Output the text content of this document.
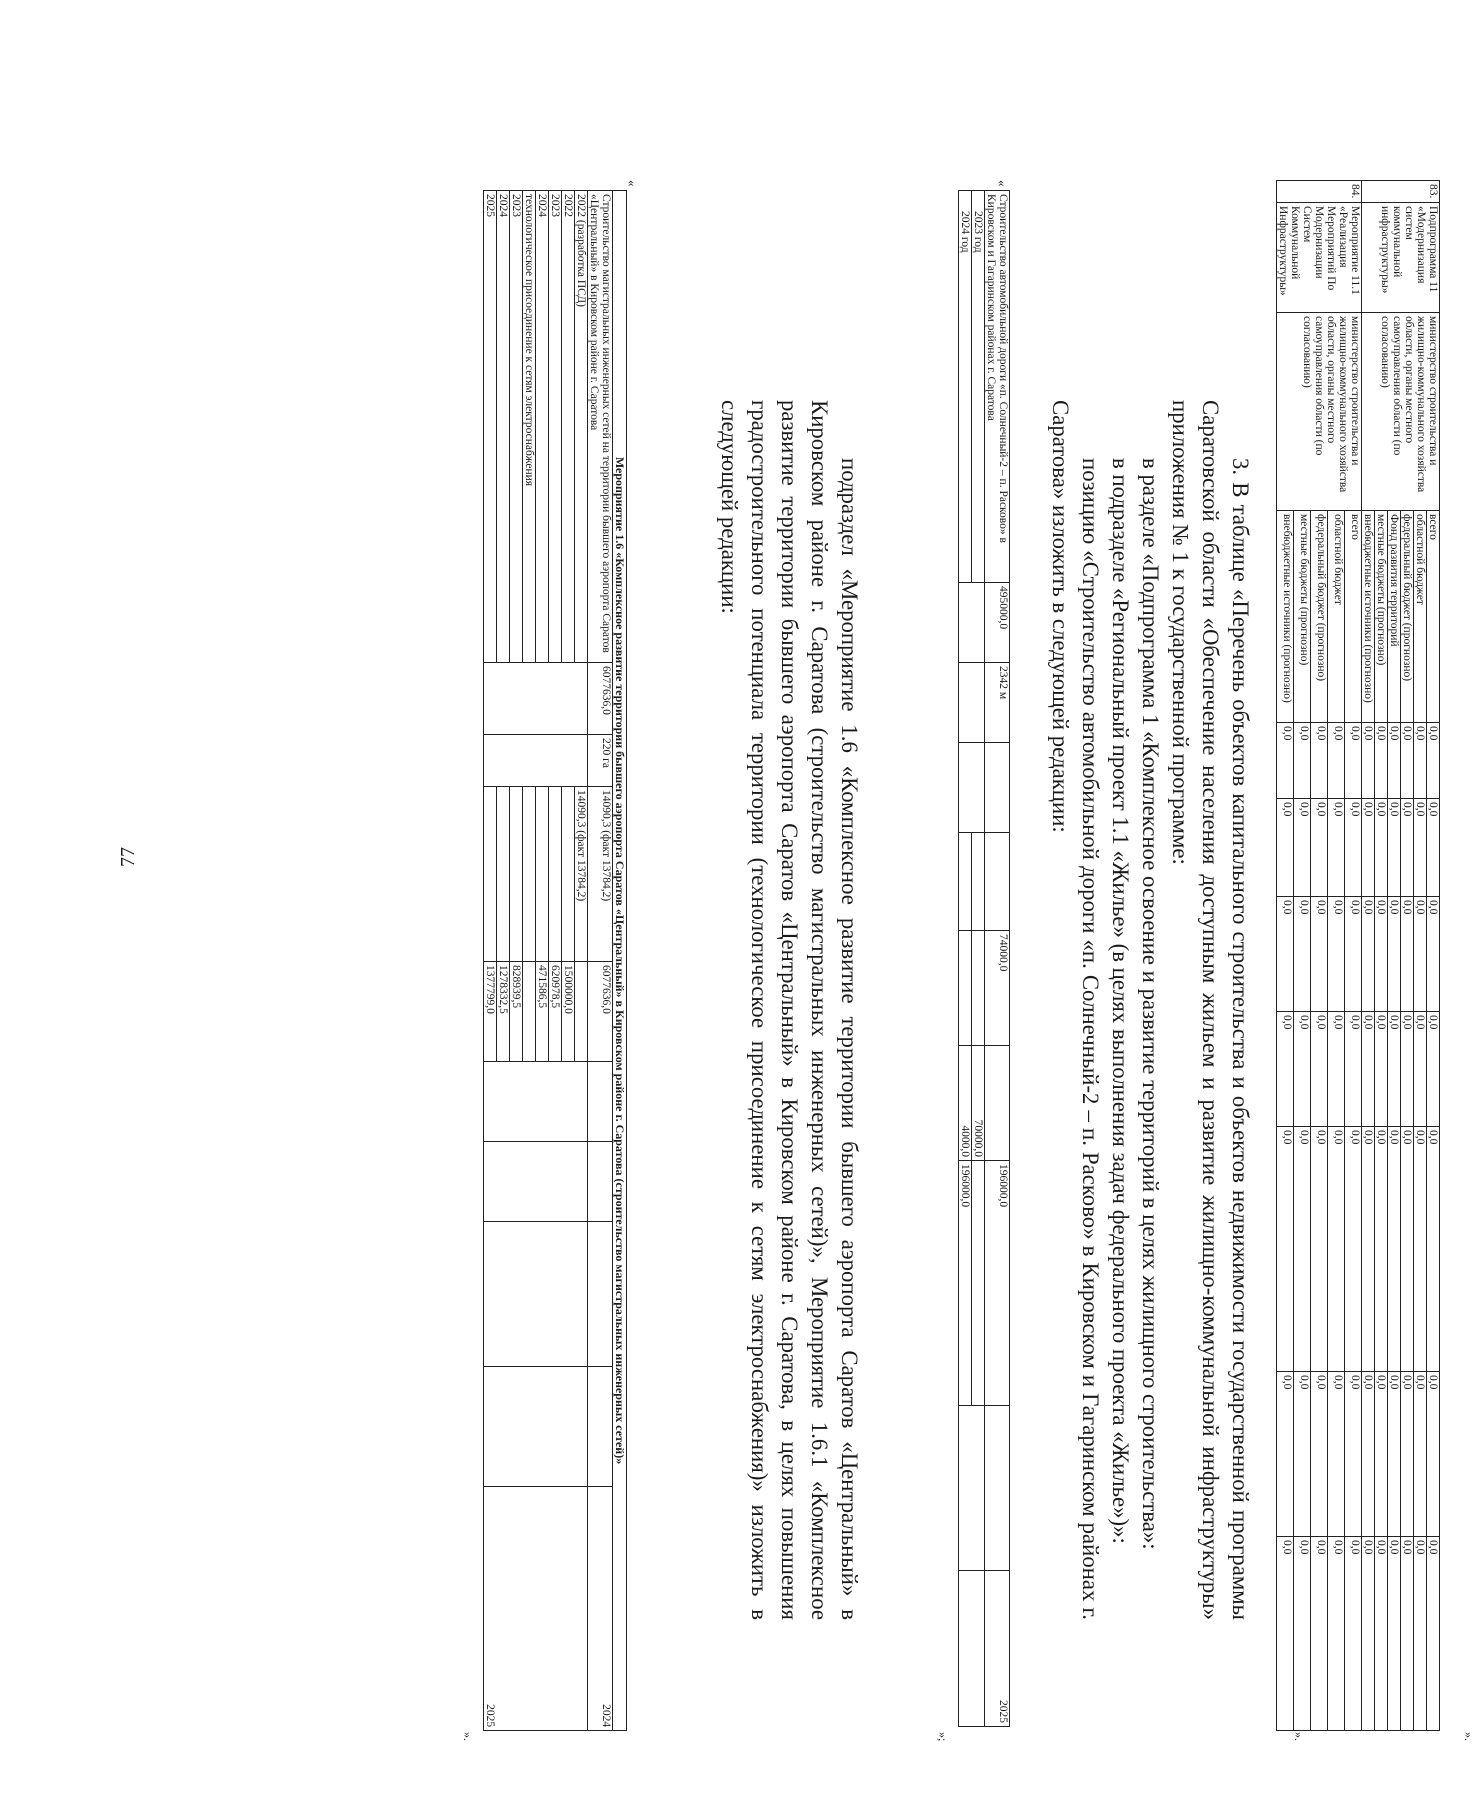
77
83.	Подпрограмма 11 «Модернизация систем коммунальной инфраструктуры»	министерство строительства и жилищно-коммунального хозяйства области, органы местного самоуправления области (по согласованию)	всего	0,0	0,0	0,0	0,0	0,0	0,0	0,0
			областной бюджет	0,0	0,0	0,0	0,0	0,0	0,0	0,0
			федеральный бюджет (прогнозно)	0,0	0,0	0,0	0,0	0,0	0,0	0,0
			Фонд развития территорий	0,0	0,0	0,0	0,0	0,0	0,0	0,0
			местные бюджеты (прогнозно)	0,0	0,0	0,0	0,0	0,0	0,0	0,0
			внебюджетные источники (прогнозно)	0,0	0,0	0,0	0,0	0,0	0,0	0,0
84.	Мероприятие 11.1 «Реализация Мероприятий По Модернизации Систем Коммунальной Инфраструктуры»	министерство строительства и жилищно-коммунального хозяйства области, органы местного самоуправления области (по согласованию)	всего	0,0	0,0	0,0	0,0	0,0	0,0	0,0
			областной бюджет	0,0	0,0	0,0	0,0	0,0	0,0	0,0
			федеральный бюджет (прогнозно)	0,0	0,0	0,0	0,0	0,0	0,0	0,0
			местные бюджеты (прогнозно)	0,0	0,0	0,0	0,0	0,0	0,0	0,0
			внебюджетные источники (прогнозно)	0,0	0,0	0,0	0,0	0,0	0,0	0,0
».	».

3. В таблице «Перечень объектов капитального строительства и объектов недвижимости государственной программы Саратовской области «Обеспечение населения доступным жильем и развитие жилищно-коммунальной инфраструктуры» приложения № 1 к государственной программе:

в разделе «Подпрограмма 1 «Комплексное освоение и развитие территорий в целях жилищного строительства»:

в подразделе «Региональный проект 1.1 «Жилье» (в целях выполнения задач федерального проекта «Жилье»)»:

позицию «Строительство автомобильной дороги «п. Солнечный-2 – п. Расково» в Кировском и Гагаринском районах г. Саратова» изложить в следующей редакции:

«
Строительство автомобильной дороги «п. Солнечный-2 – п. Расково» в Кировском и Гагаринском районах г. Саратова	495000,0	2342 м			74000,0		196000,0		2025
2023 год						70000,0			
2024 год						4000,0	196000,0		
»;

подраздел «Мероприятие 1.6 «Комплексное развитие территории бывшего аэропорта Саратов «Центральный» в Кировском районе г. Саратова (строительство магистральных инженерных сетей)», Мероприятие 1.6.1 «Комплексное развитие территории бывшего аэропорта Саратов «Центральный» в Кировском районе г. Саратова, в целях повышения градостроительного потенциала территории (технологическое присоединение к сетям электроснабжения)» изложить в следующей редакции:

«
Мероприятие 1.6 «Комплексное развитие территории бывшего аэропорта Саратов «Центральный» в Кировском районе г. Саратова (строительство магистральных инженерных сетей)»									
Строительство магистральных инженерных сетей на территории бывшего аэропорта Саратов «Центральный» в Кировском районе г. Саратова	6077636,0	220 га	14090,3 (факт 13784,2)	6077636,0					2024
2022 (разработка ПСД)			14090,3 (факт 13784,2)						
2022				1500000,0					
2023				620978,5					
2024				471586,5					
технологическое присоединение к сетям электроснабжения									
2023				828939,5					
2024				1278332,5					
2025				1377799,0					2025
».
